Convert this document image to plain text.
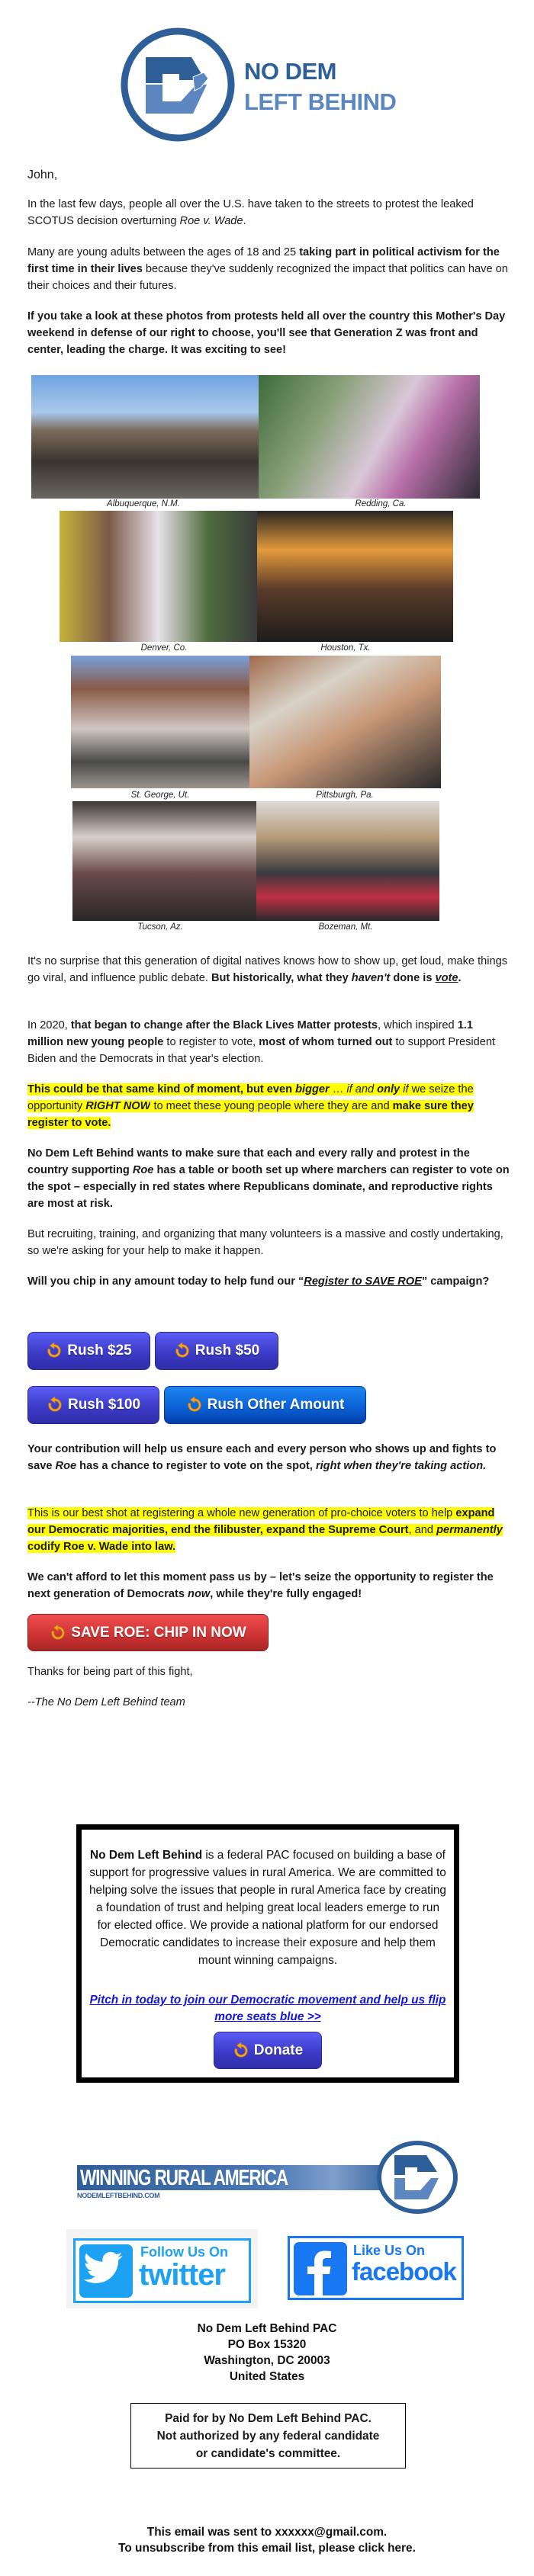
NO DEM
LEFT BEHIND

John,

In the last few days, people all over the U.S. have taken to the streets to protest the leaked SCOTUS decision overturning Roe v. Wade.

Many are young adults between the ages of 18 and 25 taking part in political activism for the first time in their lives because they've suddenly recognized the impact that politics can have on their choices and their futures.

If you take a look at these photos from protests held all over the country this Mother's Day weekend in defense of our right to choose, you'll see that Generation Z was front and center, leading the charge. It was exciting to see!

Albuquerque, N.M.	Redding, Ca.
Denver, Co.	Houston, Tx.
St. George, Ut.	Pittsburgh, Pa.
Tucson, Az.	Bozeman, Mt.

It's no surprise that this generation of digital natives knows how to show up, get loud, make things go viral, and influence public debate. But historically, what they haven't done is vote.

In 2020, that began to change after the Black Lives Matter protests, which inspired 1.1 million new young people to register to vote, most of whom turned out to support President Biden and the Democrats in that year's election.

This could be that same kind of moment, but even bigger … if and only if we seize the opportunity RIGHT NOW to meet these young people where they are and make sure they register to vote.

No Dem Left Behind wants to make sure that each and every rally and protest in the country supporting Roe has a table or booth set up where marchers can register to vote on the spot – especially in red states where Republicans dominate, and reproductive rights are most at risk.

But recruiting, training, and organizing that many volunteers is a massive and costly undertaking, so we're asking for your help to make it happen.

Will you chip in any amount today to help fund our “Register to SAVE ROE” campaign?

Rush $25	Rush $50
Rush $100	Rush Other Amount

Your contribution will help us ensure each and every person who shows up and fights to save Roe has a chance to register to vote on the spot, right when they're taking action.

This is our best shot at registering a whole new generation of pro-choice voters to help expand our Democratic majorities, end the filibuster, expand the Supreme Court, and permanently codify Roe v. Wade into law.

We can't afford to let this moment pass us by – let's seize the opportunity to register the next generation of Democrats now, while they're fully engaged!

SAVE ROE: CHIP IN NOW

Thanks for being part of this fight,

--The No Dem Left Behind team

No Dem Left Behind is a federal PAC focused on building a base of support for progressive values in rural America. We are committed to helping solve the issues that people in rural America face by creating a foundation of trust and helping great local leaders emerge to run for elected office. We provide a national platform for our endorsed Democratic candidates to increase their exposure and help them mount winning campaigns.
Pitch in today to join our Democratic movement and help us flip more seats blue >>
Donate
WINNING RURAL AMERICA
NODEMLEFTBEHIND.COM
Follow Us On
twitter
Like Us On
facebook
No Dem Left Behind PAC
PO Box 15320
Washington, DC 20003
United States
Paid for by No Dem Left Behind PAC.
Not authorized by any federal candidate
or candidate's committee.
This email was sent to xxxxxx@gmail.com.
To unsubscribe from this email list, please click here.
